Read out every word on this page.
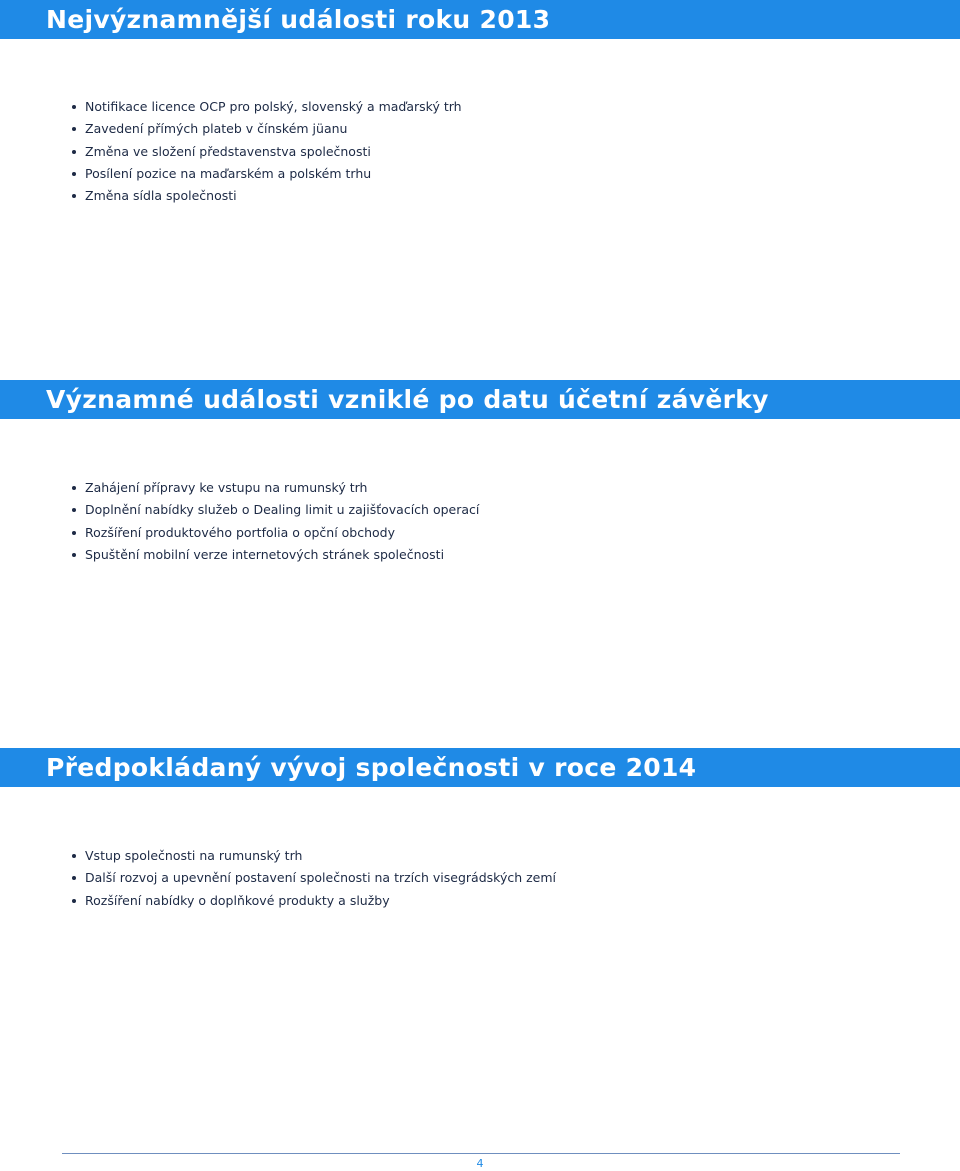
Nejvýznamnější události roku 2013
Notifikace licence OCP pro polský, slovenský a maďarský trh
Zavedení přímých plateb v čínském jüanu
Změna ve složení představenstva společnosti
Posílení pozice na maďarském a polském trhu
Změna sídla společnosti
Významné události vzniklé po datu účetní závěrky
Zahájení přípravy ke vstupu na rumunský trh
Doplnění nabídky služeb o Dealing limit u zajišťovacích operací
Rozšíření produktového portfolia o opční obchody
Spuštění mobilní verze internetových stránek společnosti
Předpokládaný vývoj společnosti v roce 2014
Vstup společnosti na rumunský trh
Další rozvoj a upevnění postavení společnosti na trzích visegrádských zemí
Rozšíření nabídky o doplňkové produkty a služby
4
